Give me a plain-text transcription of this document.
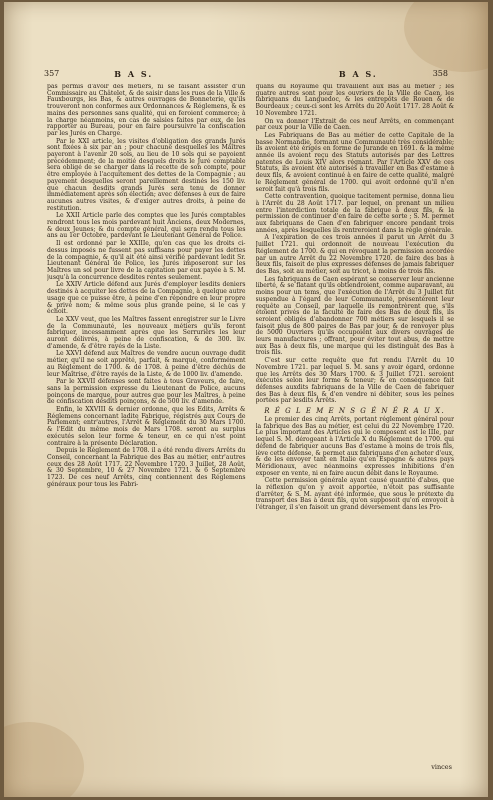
357	B A S.	B A S.	358

pas permis d'avoir des métiers, ni se faisant assister d'un Commissaire au Châtelet, & de saisir dans les rues de la Ville & Fauxbourgs, les Bas, & autres ouvrages de Bonneterie, qu'ils trouveront non conformes aux Ordonnances & Réglemens, & es mains des personnes sans qualité, qui en feroient commerce; à la charge néanmoins, en cas de saisies faites par eux, de les rapporter au Bureau, pour en faire poursuivre la confiscation par les Jurés en Charge.

Par le XXI article, les visites d'obligation des grands Jurés sont fixées à six par an ; pour chacune desquelles les Maîtres payeront à l'avenir 20 sols, au lieu de 10 sols qui se payoient précédemment; de la moitié desquels droits le Juré comptable sera obligé de se charger dans la recette de son compte, pour être employée à l'acquitement des dettes de la Compagnie ; au payement desquelles seront pareillement destinés les 150 liv. que chacun desdits grands Jurés sera tenu de donner immédiatement après son élection; avec défenses à eux de faire aucunes autres visites, & d'exiger autres droits, à peine de restitution.

Le XXII Article parle des comptes que les Jurés comptables rendront tous les mois pardevant huit Anciens, deux Modernes, & deux Jeunes; & du compte général, qui sera rendu tous les ans au 1er Octobre, pardevant le Lieutenant Général de Police.

Il est ordonné par le XXIIIe, qu'en cas que les droits ci-dessus imposés ne fussent pas suffisans pour payer les dettes de la compagnie, & qu'il ait été ainsi vérifié pardevant ledit Sr. Lieutenant Général de Police, les Jurés imposeront sur les Maîtres un sol pour livre de la capitation par eux payée à S. M. jusqu'à la concurrence desdites rentes seulement.

Le XXIV Article défend aux Jurés d'employer lesdits deniers destinés à acquiter les dettes de la Compagnie, à quelque autre usage que ce puisse être, à peine d'en répondre en leur propre & privé nom; & même sous plus grande peine, si le cas y échoit.

Le XXV veut, que les Maîtres fassent enregistrer sur le Livre de la Communauté, les nouveaux métiers qu'ils feront fabriquer, incessamment après que les Serruriers les leur auront délivrés, à peine de confiscation, & de 300. liv. d'amende, & d'être rayés de la Liste.

Le XXVI défend aux Maîtres de vendre aucun ouvrage dudit métier, qu'il ne soit apprêté, parfait, & marqué, conformément au Réglement de 1700. & de 1708. à peine d'être déchûs de leur Maîtrise, d'être rayés de la Liste, & de 1000 liv. d'amende.

Par le XXVII défenses sont faites à tous Graveurs, de faire, sans la permission expresse du Lieutenant de Police, aucuns poinçons de marque, pour autres que pour les Maîtres, à peine de confiscation desdits poinçons, & de 500 liv. d'amende.

Enfin, le XXVIII & dernier ordonne, que les Edits, Arrêts & Réglemens concernant ladite Fabrique, régistrés aux Cours de Parlement; entr'autres, l'Arrêt & Réglement du 30 Mars 1700. & l'Edit du même mois de Mars 1708. seront au surplus exécutés selon leur forme & teneur, en ce qui n'est point contraire à la présente Déclaration.

Depuis le Réglement de 1708. il a été rendu divers Arrêts du Conseil, concernant la Fabrique des Bas au métier, entr'autres ceux des 28 Août 1717. 22 Novembre 1720. 3 Juillet, 28 Août, & 30 Septembre, 10 & 27 Novembre 1721. & 6 Septembre 1723. De ces neuf Arrêts, cinq contiennent des Réglemens généraux pour tous les Fabri-

quans du Royaume qui travaillent aux Bas au métier ; les quatre autres sont pour les ouvriers de la Ville de Caen, les fabriquans du Languedoc, & les entrepôts de Rouen & de Bourdeaux ; ceux-ci sont les Arrêts du 20 Août 1717. 28 Août & 10 Novembre 1721.

On va donner l'Extrait de ces neuf Arrêts, en commençant par ceux pour la Ville de Caen.

Les Fabriquans de Bas au métier de cette Capitale de la basse Normandie, formant une Communauté très considérable; ils avoient été érigés en forme de Jurande en 1691. & la même année ils avoient reçu des Statuts autorisés par des Lettres patentes de Louis XIV alors régnant. Par l'Article XXV de ces Statuts, ils avoient été autorisés à travailler en Bas d'estame à deux fils, & avoient continué à en faire de cette qualité, malgré le Réglement général de 1700. qui avoit ordonné qu'il n'en seroit fait qu'à trois fils.

Cette contravention, quoique tacitement permise, donna lieu à l'Arrêt du 28 Août 1717. par lequel, on prenant un milieu entre l'interdiction totale de la fabrique à deux fils, & la permission de continuer d'en faire de cette sorte ; S. M. permet aux fabriquans de Caen d'en fabriquer encore pendant trois années, après lesquelles ils rentreroient dans la règle générale.

A l'expiration de ces trois années il parut un Arrêt du 3 Juillet 1721. qui ordonnoit de nouveau l'exécution du Réglement de 1700. & qui en révoquant la permission accordée par un autre Arrêt du 22 Novembre 1720. de faire des bas à deux fils, faisoit de plus expresses défenses de jamais fabriquer des Bas, soit au métier, soit au tricot, à moins de trois fils.

Les fabriquans de Caen espérant se conserver leur ancienne liberté, & se flatant qu'ils obtiendroient, comme auparavant, au moins pour un tems, que l'exécution de l'Arrêt du 3 Juillet fût suspendue à l'égard de leur Communauté, présentèrent leur requête au Conseil, par laquelle ils remontrèrent que, s'ils étoient privés de la faculté de faire des Bas de deux fils, ils seroient obligés d'abandonner 700 métiers sur lesquels il se faisoit plus de 800 paires de Bas par jour, & de renvoyer plus de 5000 Ouvriers qu'ils occupoient aux divers ouvrages de leurs manufactures ; offrant, pour éviter tout abus, de mettre aux Bas à deux fils, une marque qui les distinguât des Bas à trois fils.

C'est sur cette requête que fut rendu l'Arrêt du 10 Novembre 1721. par lequel S. M. sans y avoir égard, ordonne que les Arrêts des 30 Mars 1700. & 3 Juillet 1721. seroient exécutés selon leur forme & teneur; & en conséquence fait défenses auxdits fabriquans de la Ville de Caen de fabriquer des Bas à deux fils, & d'en vendre ni débiter, sous les peines portées par lesdits Arrêts.

R É G L E M E N S G É N É R A U X.

Le premier des cinq Arrêts, portant réglement général pour la fabrique des Bas au métier, est celui du 22 Novembre 1720. Le plus important des Articles qui le composent est le IIIe, par lequel S. M. dérogeant à l'Article X du Réglement de 1700. qui défend de fabriquer aucuns Bas d'estame à moins de trois fils, lève cette défense, & permet aux fabriquans d'en acheter d'eux, & de les envoyer tant en Italie qu'en Espagne & autres pays Méridionaux, avec néanmoins expresses inhibitions d'en exposer en vente, ni en faire aucun débit dans le Royaume.

Cette permission générale ayant causé quantité d'abus, que la réflexion qu'on y avoit apportée, n'étoit pas suffisante d'arrêter, & S. M. ayant été informée, que sous le prétexte du transport des Bas à deux fils, qu'on supposoit qu'on envoyoit à l'étranger, il s'en faisoit un grand déversement dans les Pro-

vinces
